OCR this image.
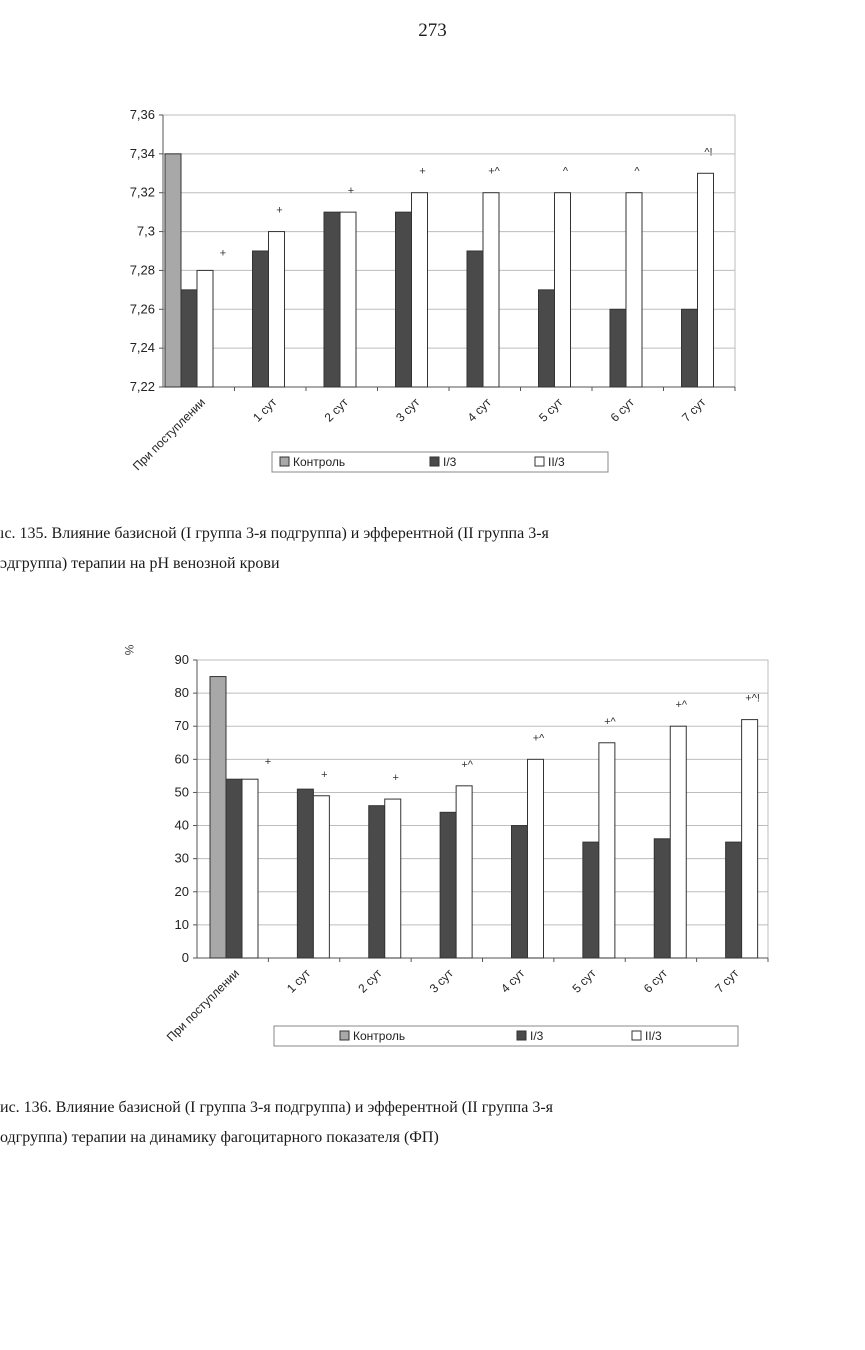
273
7,22
7,24
7,26
7,28
7,3
7,32
7,34
7,36
+
При поступлении
+
1 сут
+
2 сут
+
3 сут
+^
4 сут
^
5 сут
^
6 сут
^!
7 сут
Контроль	I/3	II/3
ıс. 135. Влияние базисной (I группа 3-я подгруппа) и эфферентной (II группа 3-я
ɔдгруппа) терапии на рН венозной крови
0
10
20
30
40
50
60
70
80
90
%
+
При поступлении
+
1 сут
+
2 сут
+^
3 сут
+^
4 сут
+^
5 сут
+^
6 сут
+^!
7 сут
Контроль	I/3	II/3
ис. 136. Влияние базисной (I группа 3-я подгруппа) и эфферентной (II группа 3-я
одгруппа) терапии на динамику фагоцитарного показателя (ФП)
